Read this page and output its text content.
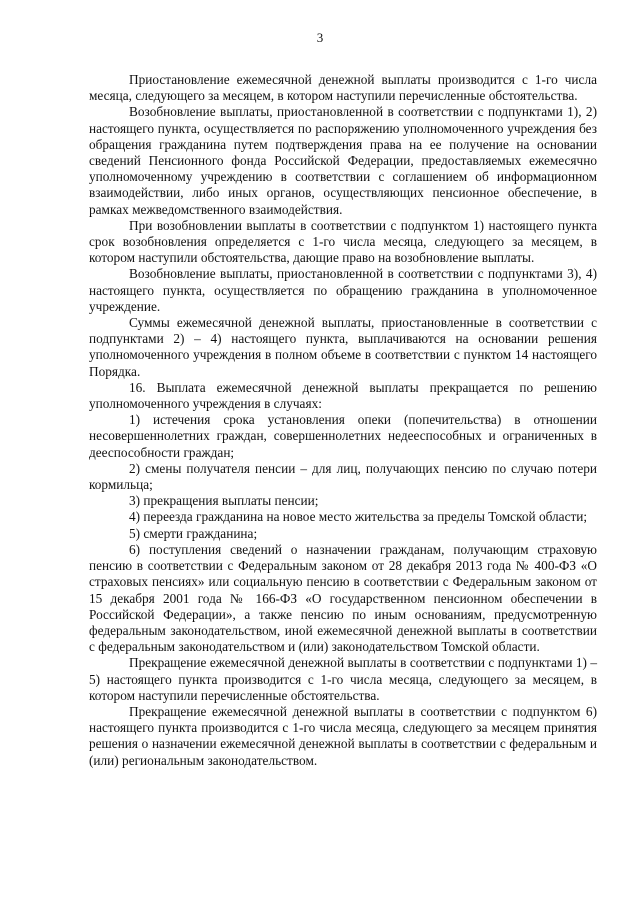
3

Приостановление ежемесячной денежной выплаты производится с 1-го числа месяца, следующего за месяцем, в котором наступили перечисленные обстоятельства.

Возобновление выплаты, приостановленной в соответствии с подпунктами 1), 2) настоящего пункта, осуществляется по распоряжению уполномоченного учреждения без обращения гражданина путем подтверждения права на ее получение на основании сведений Пенсионного фонда Российской Федерации, предоставляемых ежемесячно уполномоченному учреждению в соответствии с соглашением об информационном взаимодействии, либо иных органов, осуществляющих пенсионное обеспечение, в рамках межведомственного взаимодействия.

При возобновлении выплаты в соответствии с подпунктом 1) настоящего пункта срок возобновления определяется с 1-го числа месяца, следующего за месяцем, в котором наступили обстоятельства, дающие право на возобновление выплаты.

Возобновление выплаты, приостановленной в соответствии с подпунктами 3), 4) настоящего пункта, осуществляется по обращению гражданина в уполномоченное учреждение.

Суммы ежемесячной денежной выплаты, приостановленные в соответствии с подпунктами 2) – 4) настоящего пункта, выплачиваются на основании решения уполномоченного учреждения в полном объеме в соответствии с пунктом 14 настоящего Порядка.

16. Выплата ежемесячной денежной выплаты прекращается по решению уполномоченного учреждения в случаях:

1) истечения срока установления опеки (попечительства) в отношении несовершеннолетних граждан, совершеннолетних недееспособных и ограниченных в дееспособности граждан;

2) смены получателя пенсии – для лиц, получающих пенсию по случаю потери кормильца;

3) прекращения выплаты пенсии;

4) переезда гражданина на новое место жительства за пределы Томской области;

5) смерти гражданина;

6) поступления сведений о назначении гражданам, получающим страховую пенсию в соответствии с Федеральным законом от 28 декабря 2013 года № 400-ФЗ «О страховых пенсиях» или социальную пенсию в соответствии с Федеральным законом от 15 декабря 2001 года № 166-ФЗ «О государственном пенсионном обеспечении в Российской Федерации», а также пенсию по иным основаниям, предусмотренную федеральным законодательством, иной ежемесячной денежной выплаты в соответствии с федеральным законодательством и (или) законодательством Томской области.

Прекращение ежемесячной денежной выплаты в соответствии с подпунктами 1) – 5) настоящего пункта производится с 1-го числа месяца, следующего за месяцем, в котором наступили перечисленные обстоятельства.

Прекращение ежемесячной денежной выплаты в соответствии с подпунктом 6) настоящего пункта производится с 1-го числа месяца, следующего за месяцем принятия решения о назначении ежемесячной денежной выплаты в соответствии с федеральным и (или) региональным законодательством.
